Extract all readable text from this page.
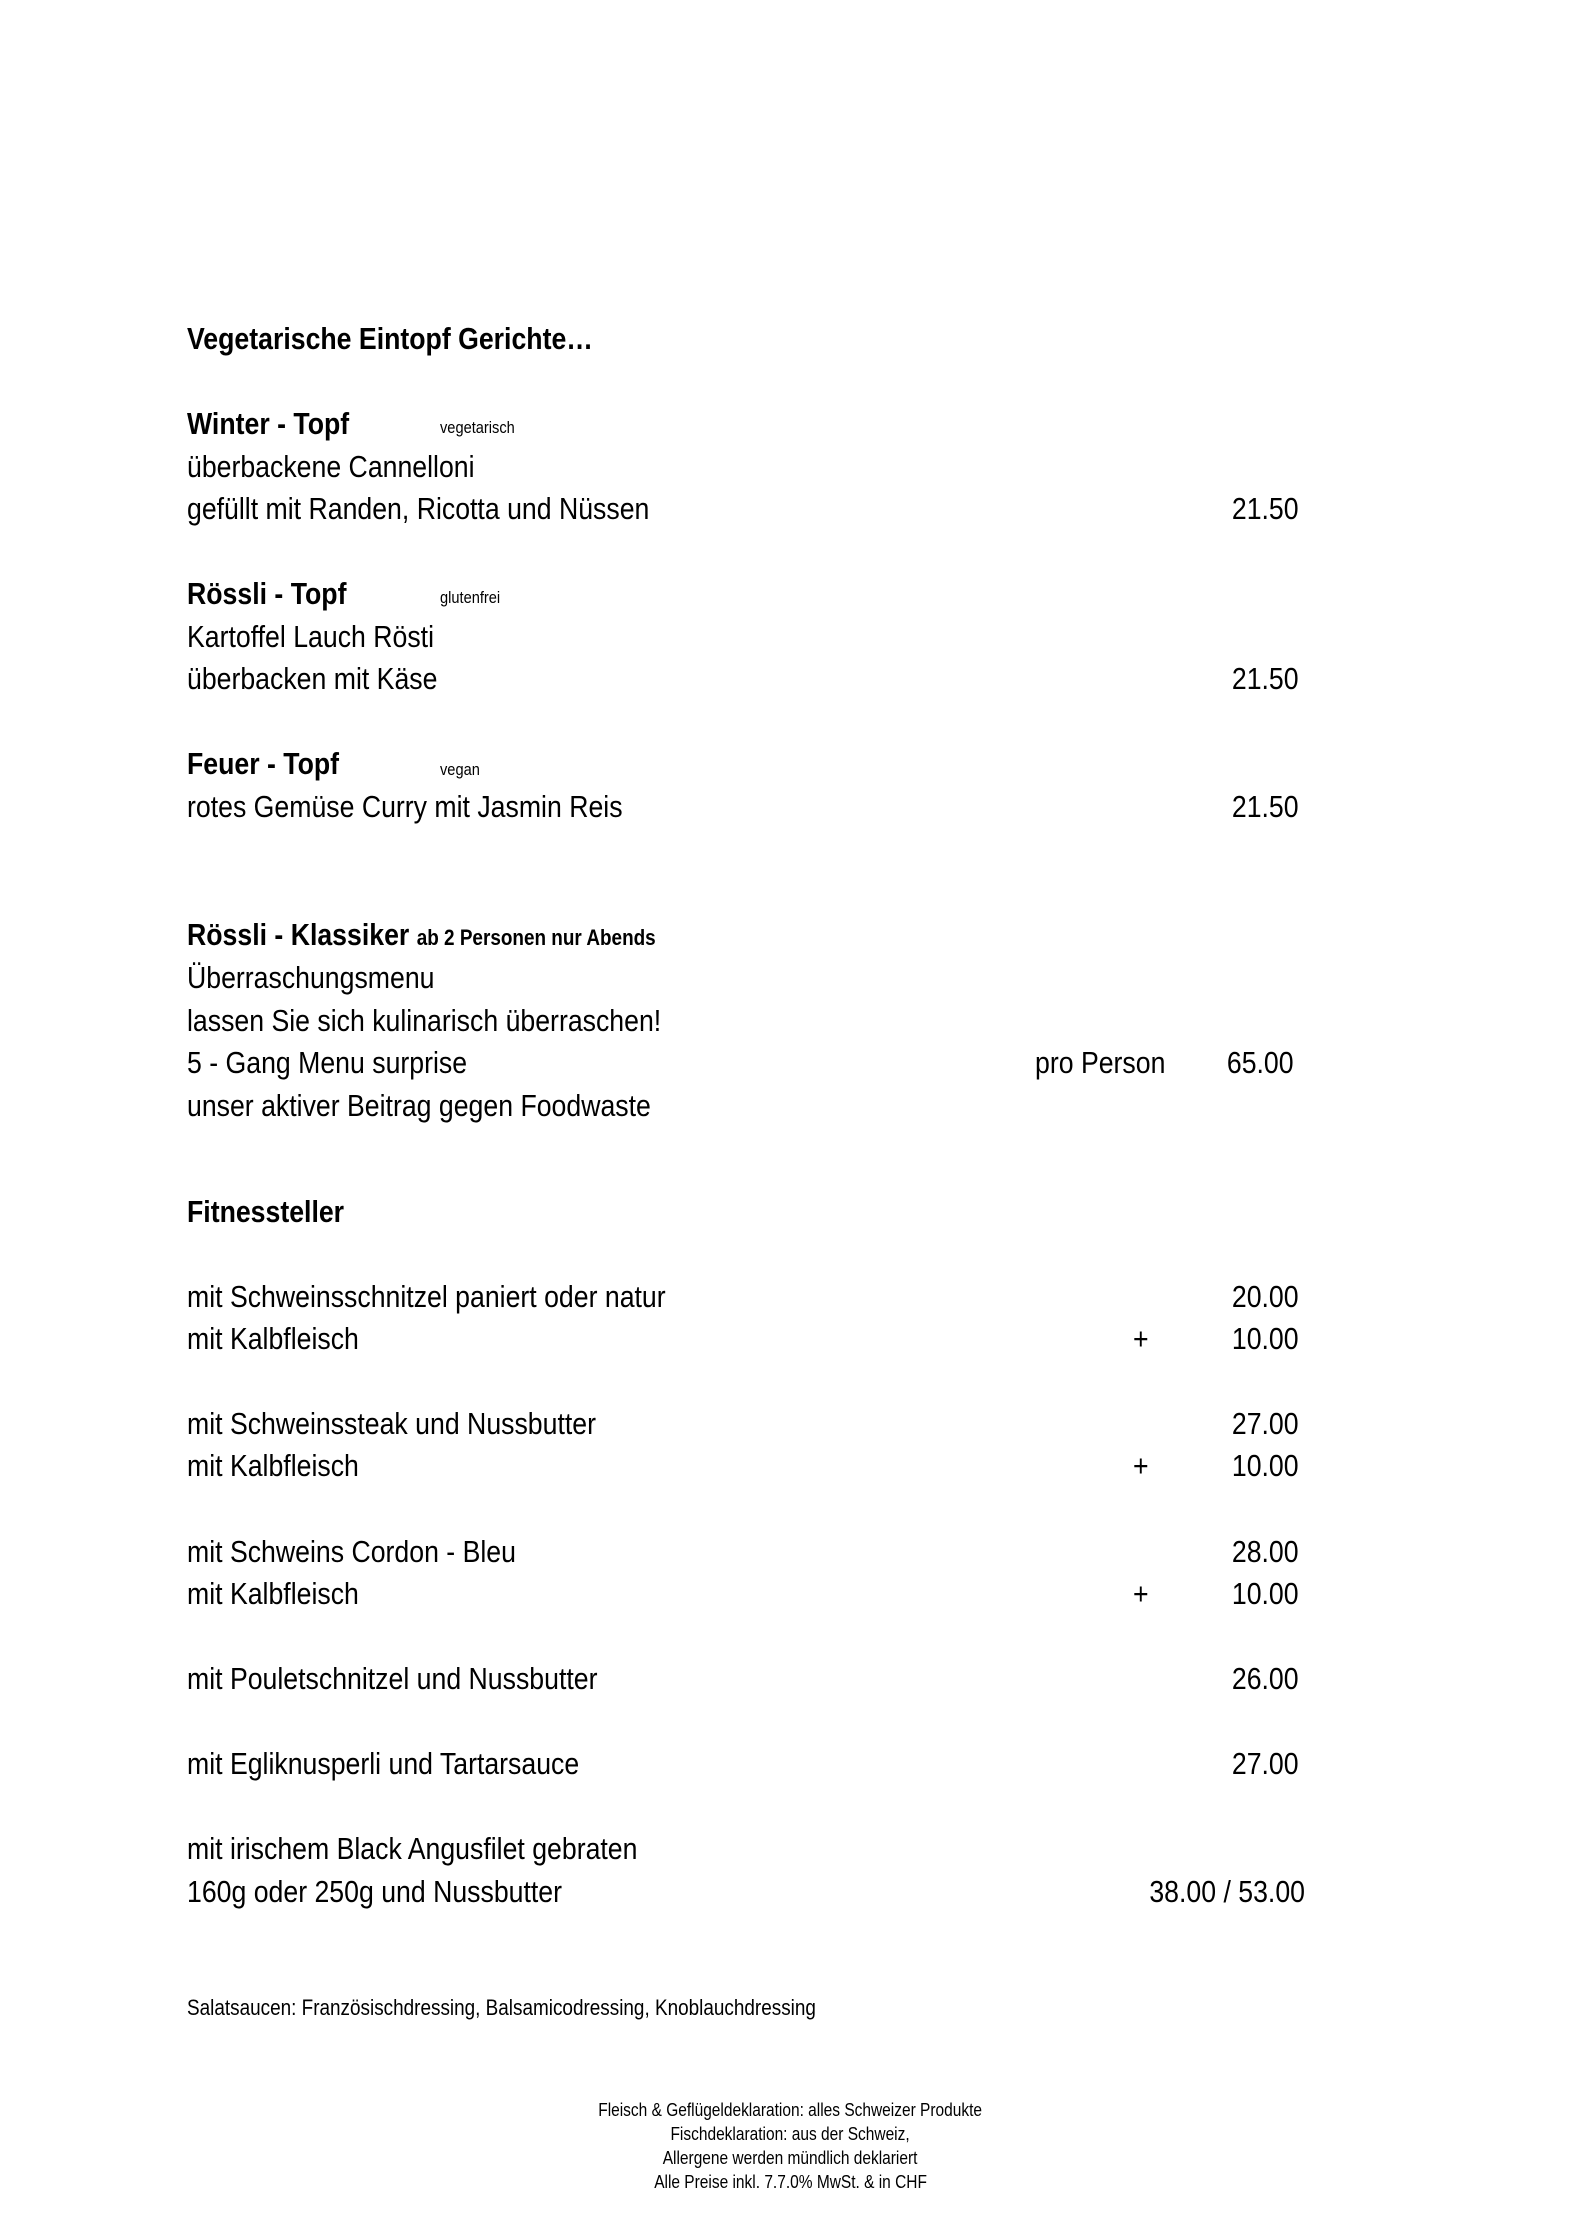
Vegetarische Eintopf Gerichte…
Winter - Topf	vegetarisch
überbackene Cannelloni
gefüllt mit Randen, Ricotta und Nüssen	21.50
Rössli - Topf	glutenfrei
Kartoffel Lauch Rösti
überbacken mit Käse	21.50
Feuer - Topf	vegan
rotes Gemüse Curry mit Jasmin Reis	21.50
Rössli - Klassiker ab 2 Personen nur Abends
Überraschungsmenu
lassen Sie sich kulinarisch überraschen!
5 - Gang Menu surprise	pro Person 65.00
unser aktiver Beitrag gegen Foodwaste
Fitnessteller
mit Schweinsschnitzel paniert oder natur	20.00
mit Kalbfleisch	+	10.00
mit Schweinssteak und Nussbutter	27.00
mit Kalbfleisch	+	10.00
mit Schweins Cordon - Bleu	28.00
mit Kalbfleisch	+	10.00
mit Pouletschnitzel und Nussbutter	26.00
mit Egliknusperli und Tartarsauce	27.00
mit irischem Black Angusfilet gebraten
160g oder 250g und Nussbutter	38.00 / 53.00
Salatsaucen: Französischdressing, Balsamicodressing, Knoblauchdressing
Fleisch & Geflügeldeklaration: alles Schweizer Produkte
Fischdeklaration: aus der Schweiz,
Allergene werden mündlich deklariert
Alle Preise inkl. 7.7.0% MwSt. & in CHF
